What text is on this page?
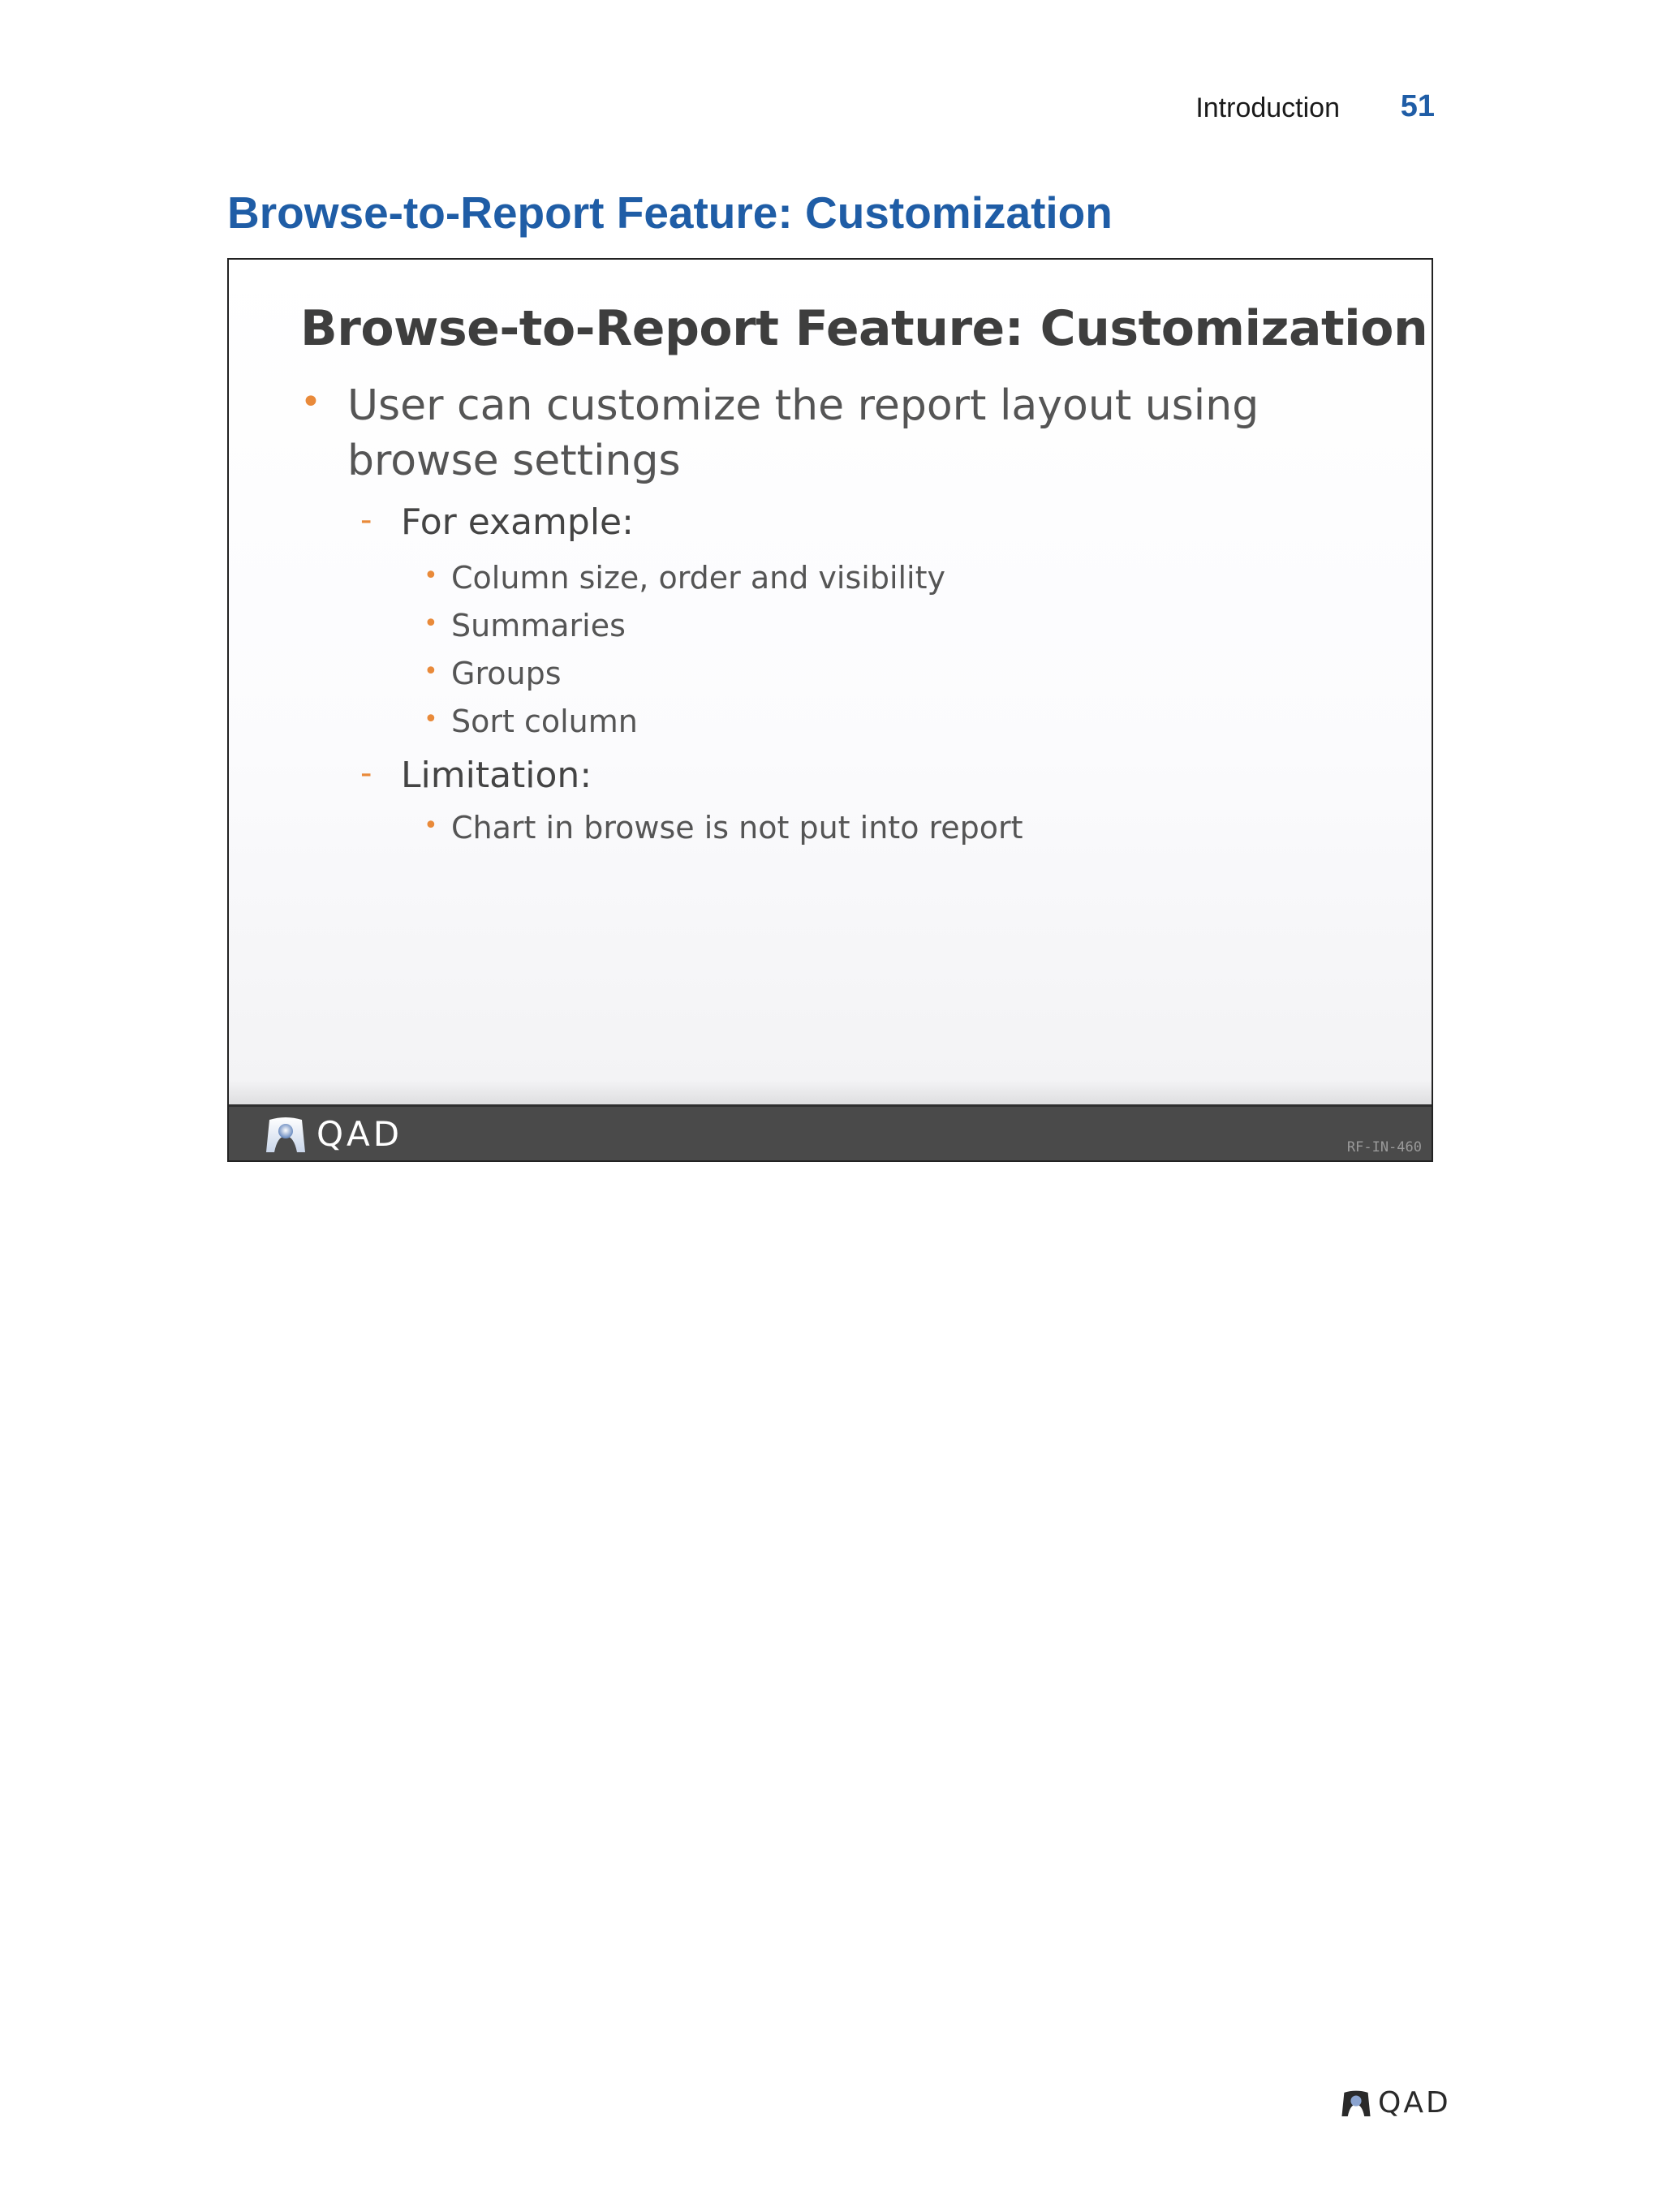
Introduction 51
Browse-to-Report Feature: Customization
Browse-to-Report Feature: Customization
• User can customize the report layout using
browse settings
- For example:
• Column size, order and visibility
• Summaries
• Groups
• Sort column
- Limitation:
• Chart in browse is not put into report
QAD	RF-IN-460
QAD
